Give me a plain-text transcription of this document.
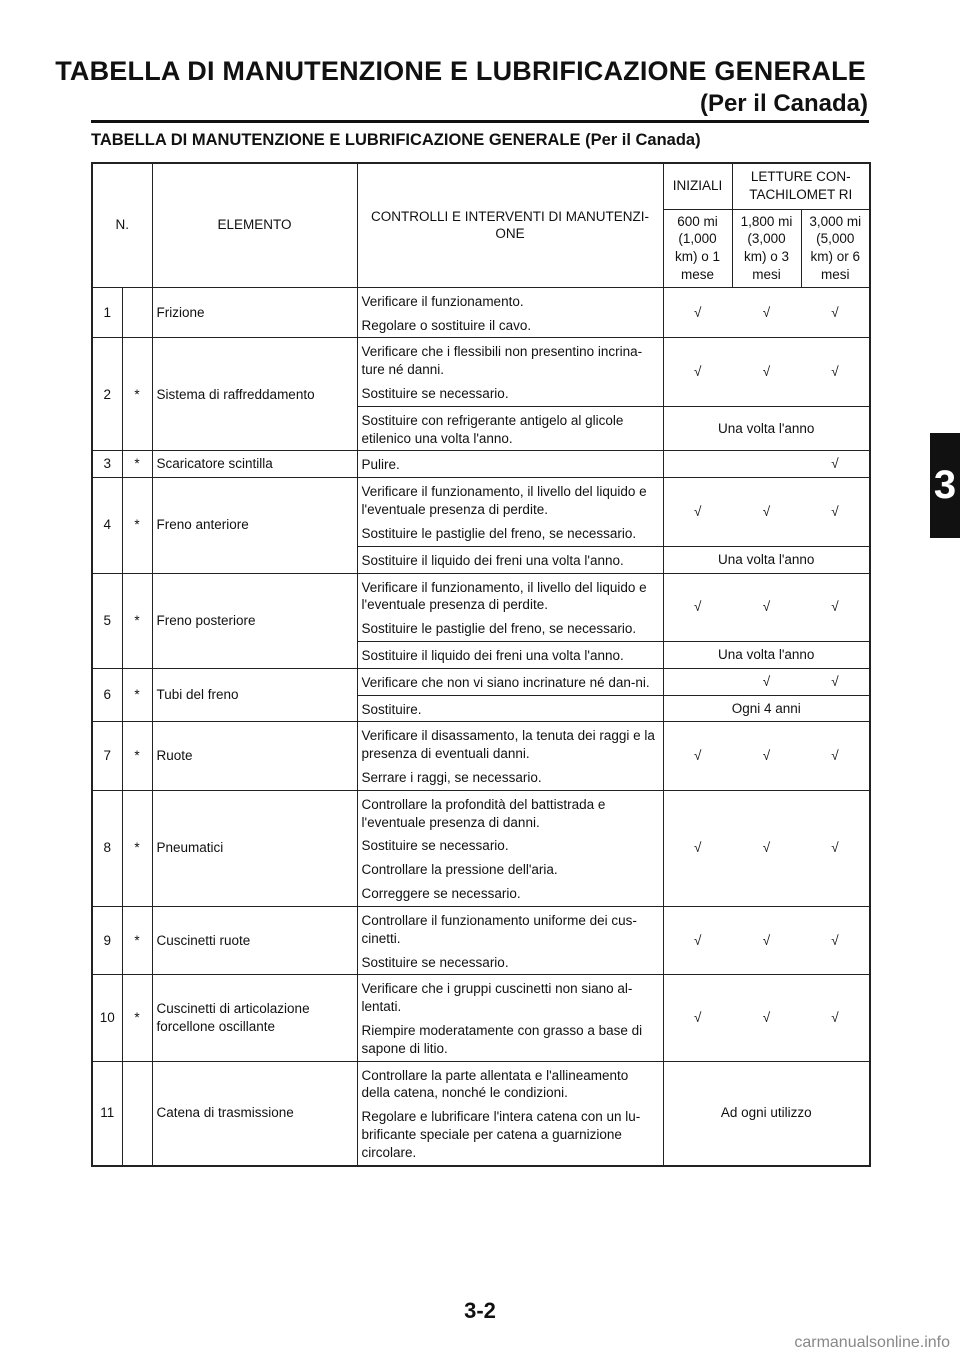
TABELLA DI MANUTENZIONE E LUBRIFICAZIONE GENERALE
(Per il Canada)
TABELLA DI MANUTENZIONE E LUBRIFICAZIONE GENERALE (Per il Canada)
3
N.		ELEMENTO	CONTROLLI E INTERVENTI DI MANUTENZI-ONE	INIZIALI	LETTURE CON-TACHILOMET RI	
				600 mi (1,000 km) o 1 mese	1,800 mi (3,000 km) o 3 mesi	3,000 mi (5,000 km) or 6 mesi
1		Frizione	Verificare il funzionamento.
Regolare o sostituire il cavo.	√	√	√
2	*	Sistema di raffreddamento	Verificare che i flessibili non presentino incrina-ture né danni.
Sostituire se necessario.	√	√	√

			Sostituire con refrigerante antigelo al glicole etilenico una volta l'anno.	Una volta l'anno		
3	*	Scaricatore scintilla	Pulire.			√
4	*	Freno anteriore	Verificare il funzionamento, il livello del liquido e l'eventuale presenza di perdite.
Sostituire le pastiglie del freno, se necessario.	√	√	√

			Sostituire il liquido dei freni una volta l'anno.	Una volta l'anno		
5	*	Freno posteriore	Verificare il funzionamento, il livello del liquido e l'eventuale presenza di perdite.
Sostituire le pastiglie del freno, se necessario.	√	√	√

			Sostituire il liquido dei freni una volta l'anno.	Una volta l'anno		
6	*	Tubi del freno	Verificare che non vi siano incrinature né dan-ni.		√	√

			Sostituire.	Ogni 4 anni		
7	*	Ruote	Verificare il disassamento, la tenuta dei raggi e la presenza di eventuali danni.
Serrare i raggi, se necessario.	√	√	√
8	*	Pneumatici	Controllare la profondità del battistrada e l'eventuale presenza di danni.
Sostituire se necessario.
Controllare la pressione dell'aria.
Correggere se necessario.	√	√	√
9	*	Cuscinetti ruote	Controllare il funzionamento uniforme dei cus-cinetti.
Sostituire se necessario.	√	√	√
10	*	Cuscinetti di articolazione forcellone oscillante	Verificare che i gruppi cuscinetti non siano al-lentati.
Riempire moderatamente con grasso a base di sapone di litio.	√	√	√
11		Catena di trasmissione	Controllare la parte allentata e l'allineamento della catena, nonché le condizioni.
Regolare e lubrificare l'intera catena con un lu-brificante speciale per catena a guarnizione circolare.	Ad ogni utilizzo		
3-2
carmanualsonline.info
